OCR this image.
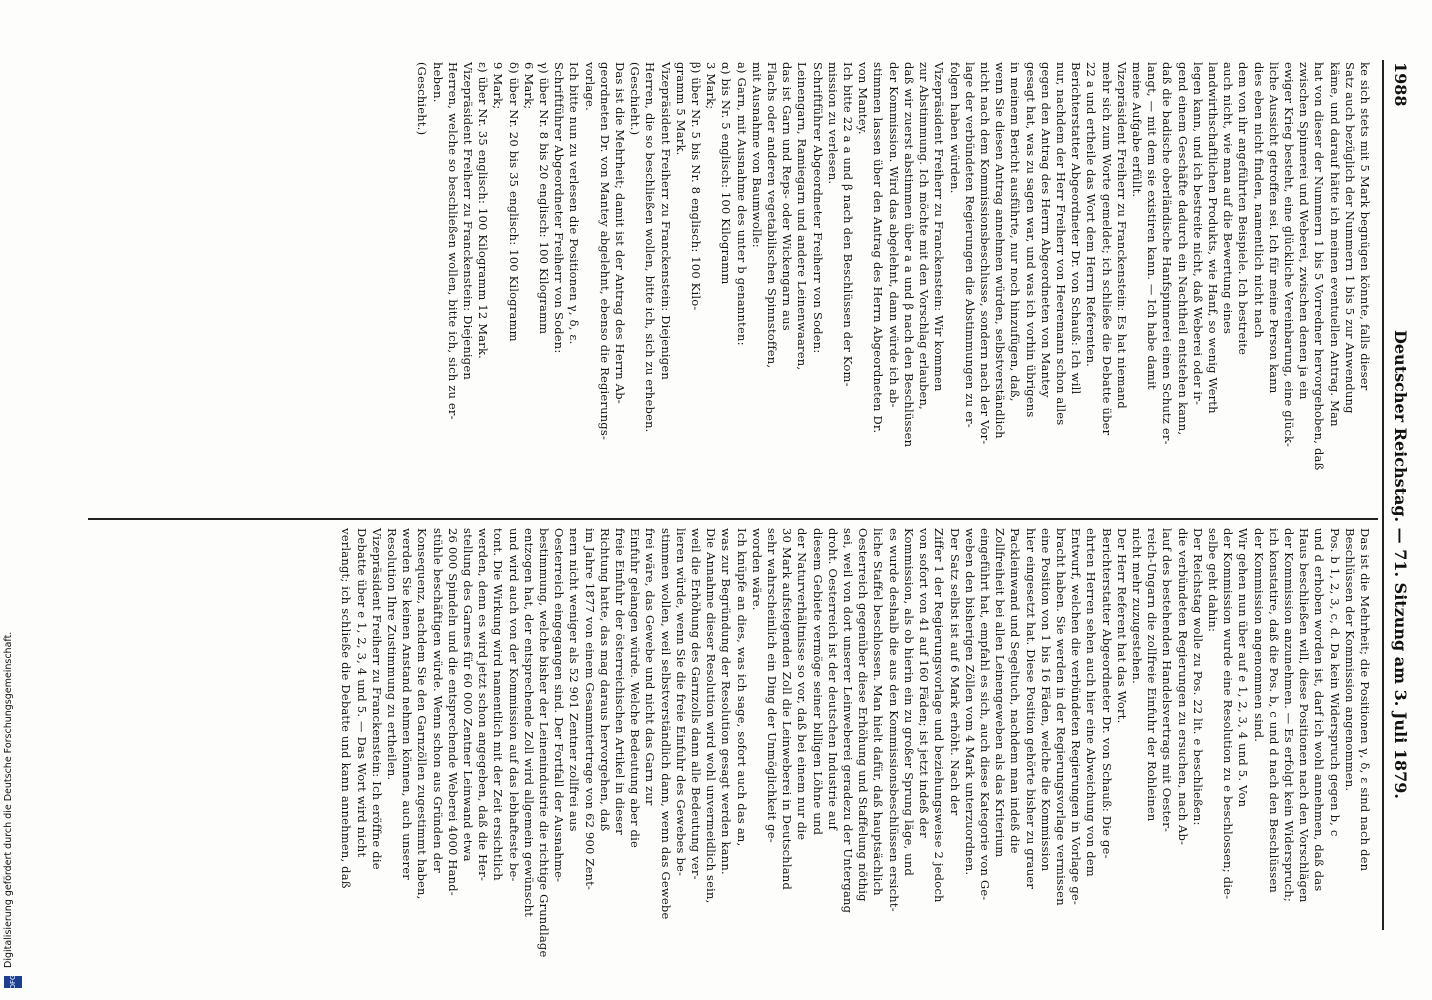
1988
Deutscher Reichstag. — 71. Sitzung am 3. Juli 1879.

ke sich stets mit 5 Mark begnügen könnte, falls dieser

Satz auch bezüglich der Nummern 1 bis 5 zur Anwendung

käme, und darauf hätte ich meinen eventuellen Antrag. Man

hat von dieser der Nummern 1 bis 5 Vorredner hervorgehoben, daß

zwischen Spinnerei und Weberei, zwischen denen ja ein

ewiger Krieg besteht, eine glückliche Vereinbarung, eine glück-

liche Aussicht getroffen sei. Ich für meine Person kann

dies eben nicht finden, namentlich nicht nach

dem von ihr angeführten Beispiele. Ich bestreite

auch nicht, wie man auf die Bewertung eines

landwirthschaftlichen Produkts, wie Hanf, so wenig Werth

legen kann, und ich bestreite nicht, daß Weberei oder ir-

gend einem Geschäfte dadurch ein Nachtheil entstehen kann,

daß die badische oberländische Hanfspinnerei einen Schutz er-

langt, — mit dem sie existiren kann. — Ich habe damit

meine Aufgabe erfüllt.

Vizepräsident Freiherr zu Franckenstein: Es hat niemand

mehr sich zum Worte gemeldet; ich schließe die Debatte über

22 a und ertheile das Wort dem Herrn Referenten.

Berichterstatter Abgeordneter Dr. von Schauß: Ich will

nur, nachdem der Herr Freiherr von Heeremann schon alles

gegen den Antrag des Herrn Abgeordneten von Mantey

gesagt hat, was zu sagen war, und was ich vorhin übrigens

in meinem Bericht ausführte, nur noch hinzufügen, daß,

wenn Sie diesen Antrag annehmen würden, selbstverständlich

nicht nach dem Kommissionsbeschlusse, sondern nach der Vor-

lage der verbündeten Regierungen die Abstimmungen zu er-

folgen haben würden.

Vizepräsident Freiherr zu Franckenstein: Wir kommen

zur Abstimmung. Ich möchte mit den Vorschlag erlauben,

daß wir zuerst abstimmen über a a und β nach den Beschlüssen

der Kommission. Wird das abgelehnt, dann würde ich ab-

stimmen lassen über den Antrag des Herrn Abgeordneten Dr.

von Mantey.

Ich bitte 22 a a und β nach den Beschlüssen der Kom-

mission zu verlesen.

Schriftführer Abgeordneter Freiherr von Soden:

Leinengarn, Ramiegarn und andere Leinenwaaren,

das ist Garn und Reps- oder Wickengarn aus

Flachs oder anderen vegetabilischen Spinnstoffen,

mit Ausnahme von Baumwolle:

a) Garn, mit Ausnahme des unter b genannten:

α) bis Nr. 5 englisch: 100 Kilogramm

3 Mark;

β) über Nr. 5 bis Nr. 8 englisch: 100 Kilo-

gramm 5 Mark.

Vizepräsident Freiherr zu Franckenstein: Diejenigen

Herren, die so beschließen wollen, bitte ich, sich zu erheben.

(Geschieht.)

Das ist die Mehrheit; damit ist der Antrag des Herrn Ab-

geordneten Dr. von Mantey abgelehnt, ebenso die Regierungs-

vorlage.

Ich bitte nun zu verlesen die Positionen γ, δ, ε.

Schriftführer Abgeordneter Freiherr von Soden:

γ) über Nr. 8 bis 20 englisch: 100 Kilogramm

6 Mark;

δ) über Nr. 20 bis 35 englisch: 100 Kilogramm

9 Mark;

ε) über Nr. 35 englisch: 100 Kilogramm 12 Mark.

Vizepräsident Freiherr zu Franckenstein: Diejenigen

Herren, welche so beschließen wollen, bitte ich, sich zu er-

heben.

(Geschieht.)

Das ist die Mehrheit; die Positionen γ, δ, ε sind nach den

Beschlüssen der Kommission angenommen.

Pos. b 1, 2, 3, c, d. Da kein Widerspruch gegen b, c

und d erhoben worden ist, darf ich wohl annehmen, daß das

Haus beschließen will, diese Positionen nach den Vorschlägen

der Kommission anzunehmen. — Es erfolgt kein Widerspruch;

ich konstatire, daß die Pos. b, c und d nach den Beschlüssen

der Kommission angenommen sind.

Wir gehen nun über auf e 1, 2, 3, 4 und 5. Von

der Kommission wurde eine Resolution zu e beschlossen; die-

selbe geht dahin:

Der Reichstag wolle zu Pos. 22 lit. e beschließen:

die verbündeten Regierungen zu ersuchen, nach Ab-

lauf des bestehenden Handelsvertrags mit Oester-

reich-Ungarn die zollfreie Einfuhr der Rohleinen

nicht mehr zuzugestehen.

Der Herr Referent hat das Wort.

Berichterstatter Abgeordneter Dr. von Schauß: Die ge-

ehrten Herren sehen auch hier eine Abweichung von dem

Entwurf, welchen die verbündeten Regierungen in Vorlage ge-

bracht haben. Sie werden in der Regierungsvorlage vermissen

eine Position von 1 bis 16 Fäden, welche die Kommission

hier eingesetzt hat. Diese Position gehörte bisher zu grauer

Packleinwand und Segeltuch, nachdem man indeß die

Zollfreiheit bei allen Leinengeweben als das Kriterium

eingeführt hat, empfahl es sich, auch diese Kategorie von Ge-

weben den bisherigen Zöllen vom 4 Mark unterzuordnen.

Der Satz selbst ist auf 6 Mark erhöht. Nach der

Ziffer 1 der Regierungsvorlage und beziehungsweise 2 jedoch

von sofort von 41 auf 160 Fäden; ist jetzt indeß der

Kommission, als ob hierin ein zu großer Sprung läge, und

es wurde deshalb die aus den Kommissionsbeschlüssen ersicht-

liche Staffel beschlossen. Man hielt dafür, daß hauptsächlich

Oesterreich gegenüber diese Erhöhung und Staffelung nöthig

sei, weil von dort unserer Leinweberei geradezu der Untergang

droht. Oesterreich ist der deutschen Industrie auf

diesem Gebiete vermöge seiner billigen Löhne und

der Naturverhältnisse so vor, daß bei einem nur die

30 Mark aufsteigenden Zoll die Leinweberei in Deutschland

sehr wahrscheinlich ein Ding der Unmöglichkeit ge-

worden wäre.

Ich knüpfe an dies, was ich sage, sofort auch das an,

was zur Begründung der Resolution gesagt werden kann.

Die Annahme dieser Resolution wird wohl unvermeidlich sein,

weil die Erhöhung des Garnzolls dann alle Bedeutung ver-

lieren würde, wenn Sie die freie Einfuhr des Gewebes be-

stimmen wollen, weil selbstverständlich dann, wenn das Gewebe

frei wäre, das Gewebe und nicht das Garn zur

Einfuhr gelangen würde. Welche Bedeutung aber die

freie Einfuhr der österreichischen Artikel in dieser

Richtung hatte, das mag daraus hervorgehen, daß

im Jahre 1877 von einem Gesammtertrage von 62 900 Zent-

nern nicht weniger als 52 901 Zentner zollfrei aus

Oesterreich eingegangen sind. Der Fortfall der Ausnahme-

bestimmung, welche bisher der Leinenindustrie die richtige Grundlage

entzogen hat, der entsprechende Zoll wird allgemein gewünscht

und wird auch von der Kommission auf das lebhafteste be-

tont. Die Wirkung wird namentlich mit der Zeit ersichtlich

werden, denn es wird jetzt schon angegeben, daß die Her-

stellung des Garnes für 60 000 Zentner Leinwand etwa

26 000 Spindeln und die entsprechende Weberei 4000 Hand-

stühle beschäftigen würde. Wenn schon aus Gründen der

Konsequenz, nachdem Sie den Garnzöllen zugestimmt haben,

werden Sie keinen Anstand nehmen können, auch unserer

Resolution Ihre Zustimmung zu ertheilen.

Vizepräsident Freiherr zu Franckenstein: Ich eröffne die

Debatte über e 1, 2, 3, 4 und 5. — Das Wort wird nicht

verlangt; ich schließe die Debatte und kann annehmen, daß

Digitalisierung gefördert durch die Deutsche Forschungsgemeinschaft.
DFG
